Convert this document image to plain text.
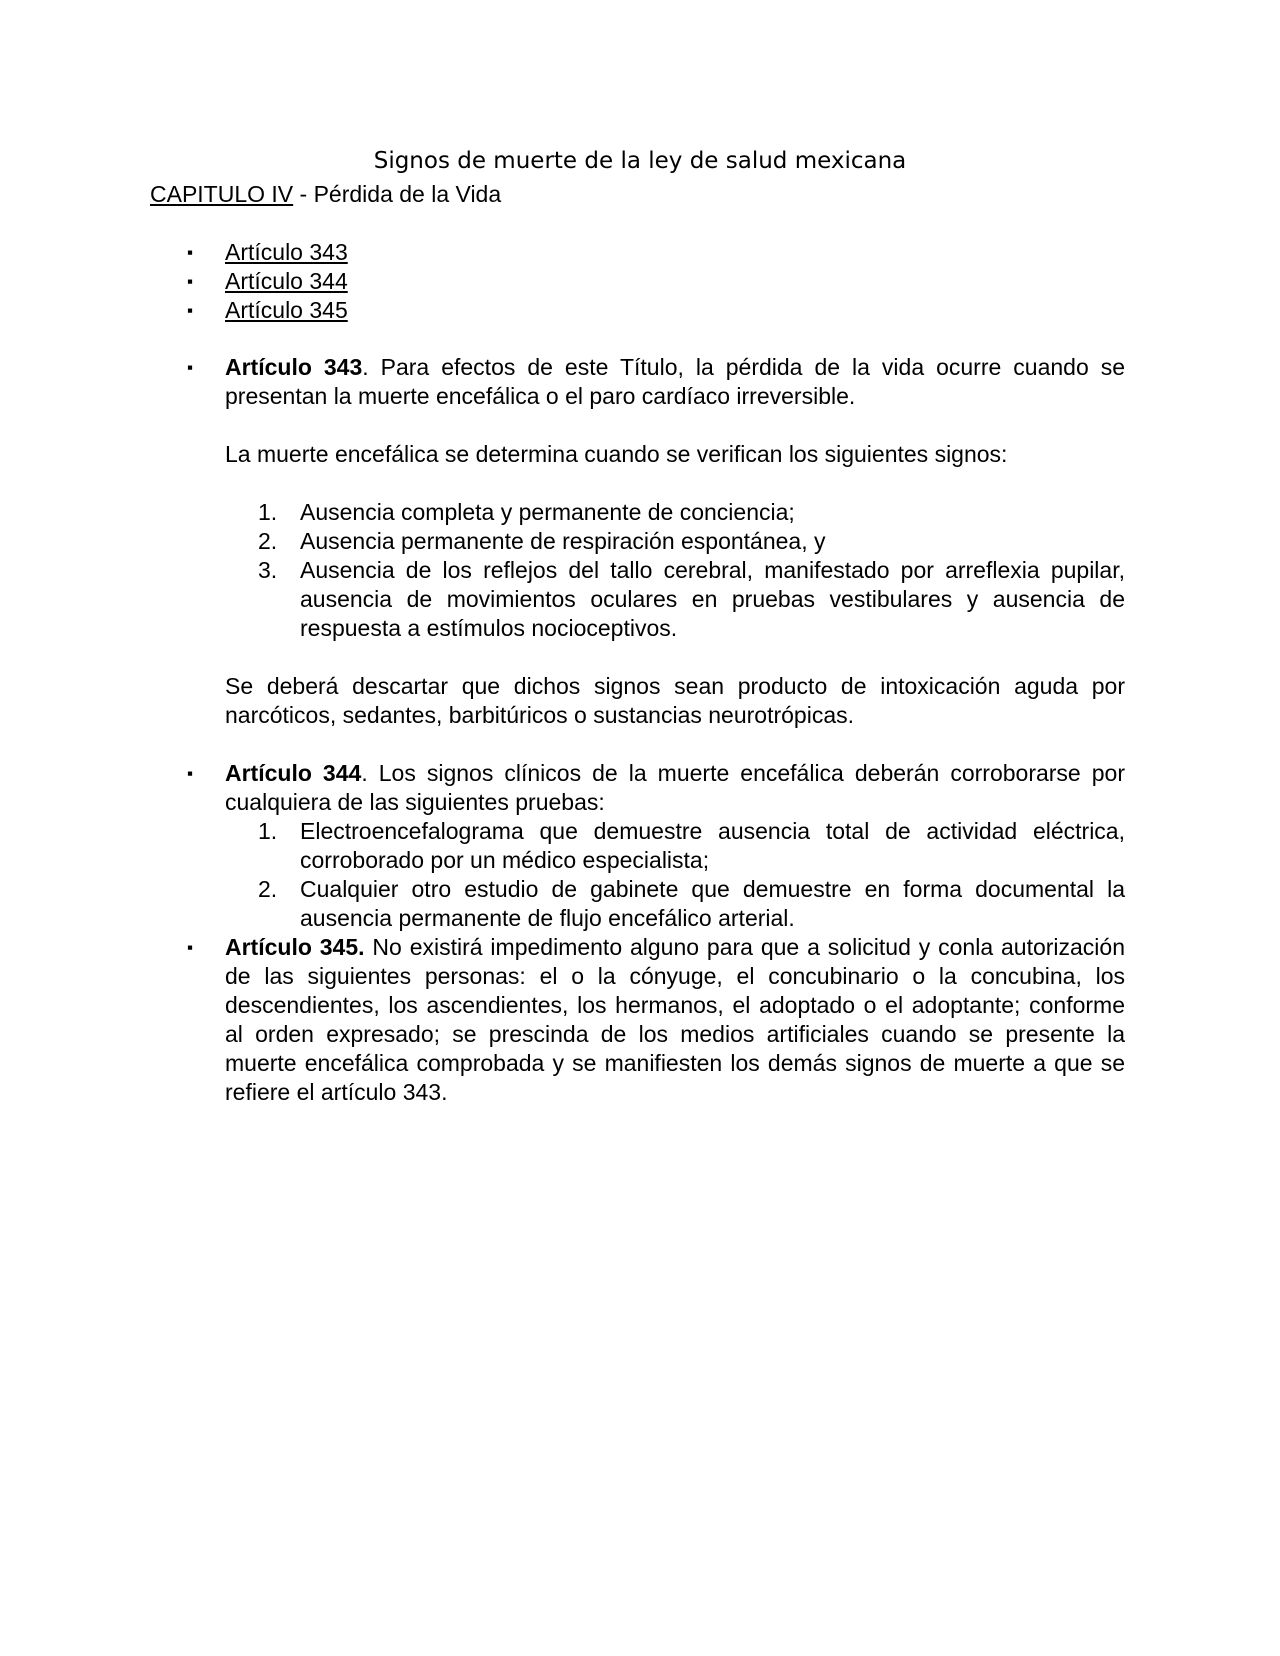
Signos de muerte de la ley de salud mexicana
CAPITULO IV - Pérdida de la Vida
▪ Artículo 343
▪ Artículo 344
▪ Artículo 345
▪ Artículo 343. Para efectos de este Título, la pérdida de la vida ocurre cuando se presentan la muerte encefálica o el paro cardíaco irreversible.
La muerte encefálica se determina cuando se verifican los siguientes signos:
1. Ausencia completa y permanente de conciencia;
2. Ausencia permanente de respiración espontánea, y
3. Ausencia de los reflejos del tallo cerebral, manifestado por arreflexia pupilar, ausencia de movimientos oculares en pruebas vestibulares y ausencia de respuesta a estímulos nocioceptivos.
Se deberá descartar que dichos signos sean producto de intoxicación aguda por narcóticos, sedantes, barbitúricos o sustancias neurotrópicas.
▪ Artículo 344. Los signos clínicos de la muerte encefálica deberán corroborarse por cualquiera de las siguientes pruebas:
1. Electroencefalograma que demuestre ausencia total de actividad eléctrica, corroborado por un médico especialista;
2. Cualquier otro estudio de gabinete que demuestre en forma documental la ausencia permanente de flujo encefálico arterial.
▪ Artículo 345. No existirá impedimento alguno para que a solicitud y conla autorización de las siguientes personas: el o la cónyuge, el concubinario o la concubina, los descendientes, los ascendientes, los hermanos, el adoptado o el adoptante; conforme al orden expresado; se prescinda de los medios artificiales cuando se presente la muerte encefálica comprobada y se manifiesten los demás signos de muerte a que se refiere el artículo 343.
